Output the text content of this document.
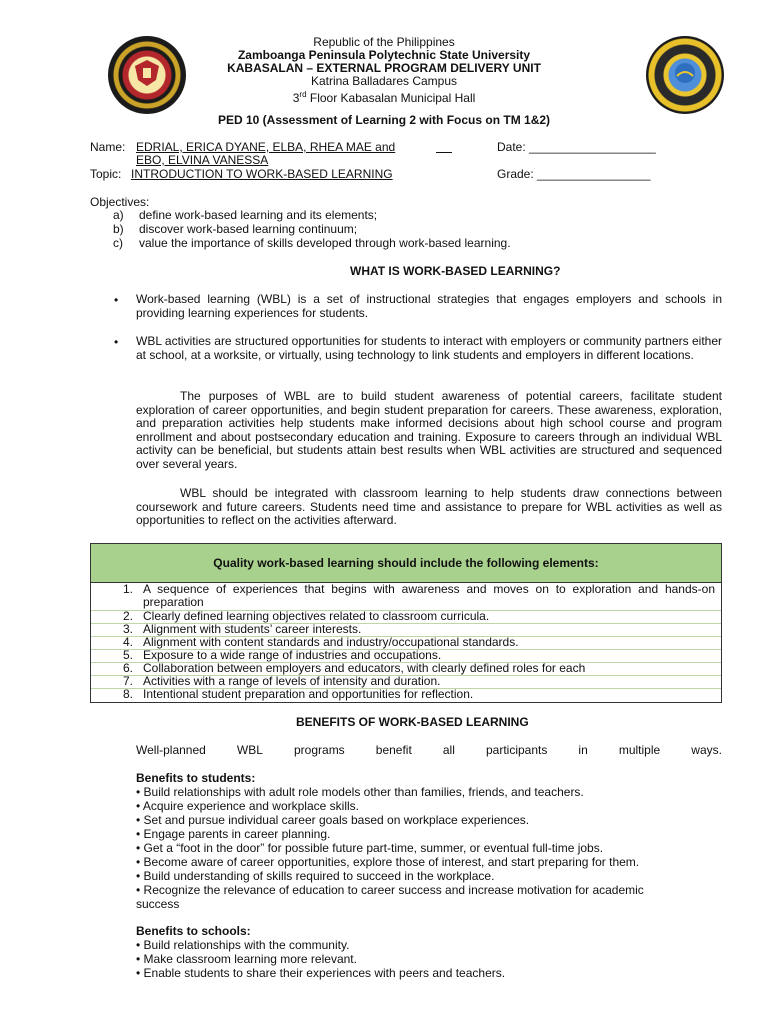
Republic of the Philippines
Zamboanga Peninsula Polytechnic State University
KABASALAN – EXTERNAL PROGRAM DELIVERY UNIT
Katrina Balladares Campus
3rd Floor Kabasalan Municipal Hall
PED 10 (Assessment of Learning 2 with Focus on TM 1&2)
Name: EDRIAL, ERICA DYANE, ELBA, RHEA MAE and
EBO, ELVINA VANESSA
Date: ___________________
Topic: INTRODUCTION TO WORK-BASED LEARNING	Grade: _________________
Objectives:
a) define work-based learning and its elements;
b) discover work-based learning continuum;
c) value the importance of skills developed through work-based learning.
WHAT IS WORK-BASED LEARNING?
• Work-based learning (WBL) is a set of instructional strategies that engages employers and schools in providing learning experiences for students.
• WBL activities are structured opportunities for students to interact with employers or community partners either at school, at a worksite, or virtually, using technology to link students and employers in different locations.
The purposes of WBL are to build student awareness of potential careers, facilitate student exploration of career opportunities, and begin student preparation for careers. These awareness, exploration, and preparation activities help students make informed decisions about high school course and program enrollment and about postsecondary education and training. Exposure to careers through an individual WBL activity can be beneficial, but students attain best results when WBL activities are structured and sequenced over several years.
WBL should be integrated with classroom learning to help students draw connections between coursework and future careers. Students need time and assistance to prepare for WBL activities as well as opportunities to reflect on the activities afterward.
Quality work-based learning should include the following elements:
1. A sequence of experiences that begins with awareness and moves on to exploration and hands-on preparation
2. Clearly defined learning objectives related to classroom curricula.
3. Alignment with students’ career interests.
4. Alignment with content standards and industry/occupational standards.
5. Exposure to a wide range of industries and occupations.
6. Collaboration between employers and educators, with clearly defined roles for each
7. Activities with a range of levels of intensity and duration.
8. Intentional student preparation and opportunities for reflection.
BENEFITS OF WORK-BASED LEARNING
Well-planned	WBL	programs	benefit	all	participants	in	multiple	ways.
Benefits to students:
• Build relationships with adult role models other than families, friends, and teachers.
• Acquire experience and workplace skills.
• Set and pursue individual career goals based on workplace experiences.
• Engage parents in career planning.
• Get a “foot in the door” for possible future part-time, summer, or eventual full-time jobs.
• Become aware of career opportunities, explore those of interest, and start preparing for them.
• Build understanding of skills required to succeed in the workplace.
• Recognize the relevance of education to career success and increase motivation for academic
success
Benefits to schools:
• Build relationships with the community.
• Make classroom learning more relevant.
• Enable students to share their experiences with peers and teachers.
